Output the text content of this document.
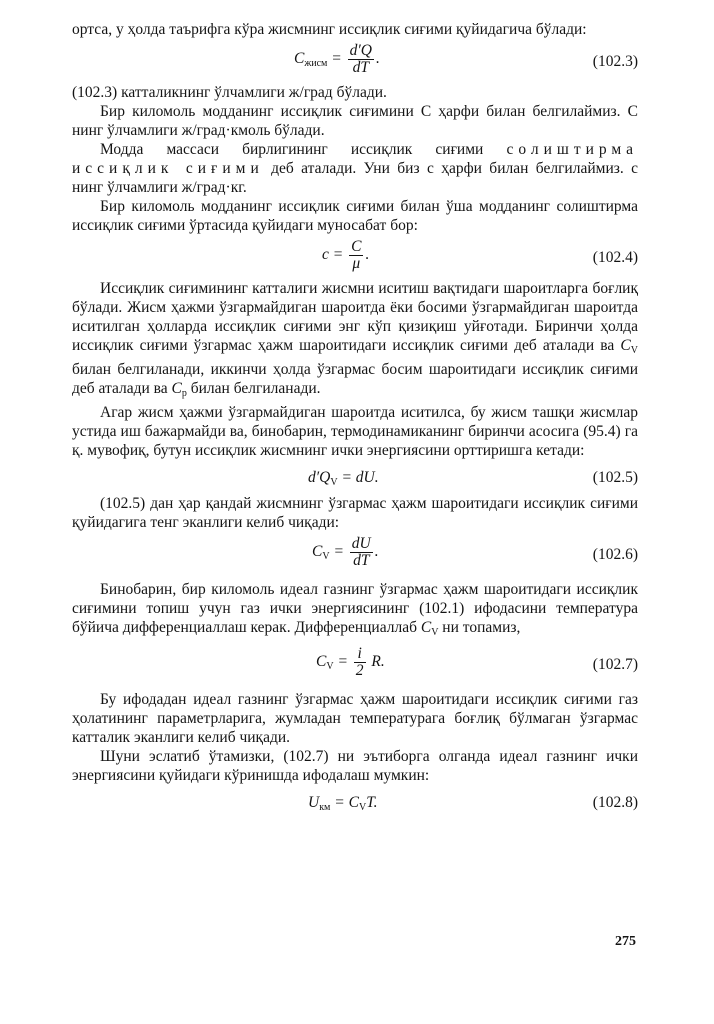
ортса, у ҳолда таърифга кўра жисмнинг иссиқлик сиғими қуйидагича бўлади:

$C_{жисм} = \frac{d'Q}{dT}$ .	(102.3)

(102.3) катталикнинг ўлчамлиги ж/град бўлади.

Бир киломоль модданинг иссиқлик сиғимини C ҳарфи билан белгилаймиз. C нинг ўлчамлиги ж/град·кмоль бўлади.

Модда массаси бирлигининг иссиқлик сиғими солиштирма иссиқлик сиғими деб аталади. Уни биз c ҳарфи билан белгилаймиз. c нинг ўлчамлиги ж/град·кг.

Бир киломоль модданинг иссиқлик сиғими билан ўша модданинг солиштирма иссиқлик сиғими ўртасида қуйидаги муносабат бор:

$c = \frac{C}{\mu}$ .	(102.4)

Иссиқлик сиғимининг катталиги жисмни иситиш вақтидаги шароитларга боғлиқ бўлади. Жисм ҳажми ўзгармайдиган шароитда ёки босими ўзгармайдиган шароитда иситилган ҳолларда иссиқлик сиғими энг кўп қизиқиш уйғотади. Биринчи ҳолда иссиқлик сиғими ўзгармас ҳажм шароитидаги иссиқлик сиғими деб аталади ва $C_V$ билан белгиланади, иккинчи ҳолда ўзгармас босим шароитидаги иссиқлик сиғими деб аталади ва $C_p$ билан белгиланади.

Агар жисм ҳажми ўзгармайдиган шароитда иситилса, бу жисм ташқи жисмлар устида иш бажармайди ва, бинобарин, термодинамиканинг биринчи асосига (95.4) га қ. мувофиқ, бутун иссиқлик жисмнинг ички энергиясини орттиришга кетади:

$d'Q_V$ = dU.	(102.5)

(102.5) дан ҳар қандай жисмнинг ўзгармас ҳажм шароитидаги иссиқлик сиғими қуйидагига тенг эканлиги келиб чиқади:

$C_V = \frac{dU}{dT}$ .	(102.6)

Бинобарин, бир киломоль идеал газнинг ўзгармас ҳажм шароитидаги иссиқлик сиғимини топиш учун газ ички энергиясининг (102.1) ифодасини температура бўйича дифференциаллаш керак. Дифференциаллаб $C_V$ ни топамиз,

$C_V = \frac{i}{2} R$.	(102.7)

Бу ифодадан идеал газнинг ўзгармас ҳажм шароитидаги иссиқлик сиғими газ ҳолатининг параметрларига, жумладан температурага боғлиқ бўлмаган ўзгармас катталик эканлиги келиб чиқади.

Шуни эслатиб ўтамизки, (102.7) ни эътиборга олганда идеал газнинг ички энергиясини қуйидаги кўринишда ифодалаш мумкин:

$U_{км} = C_VT$.	(102.8)
275
